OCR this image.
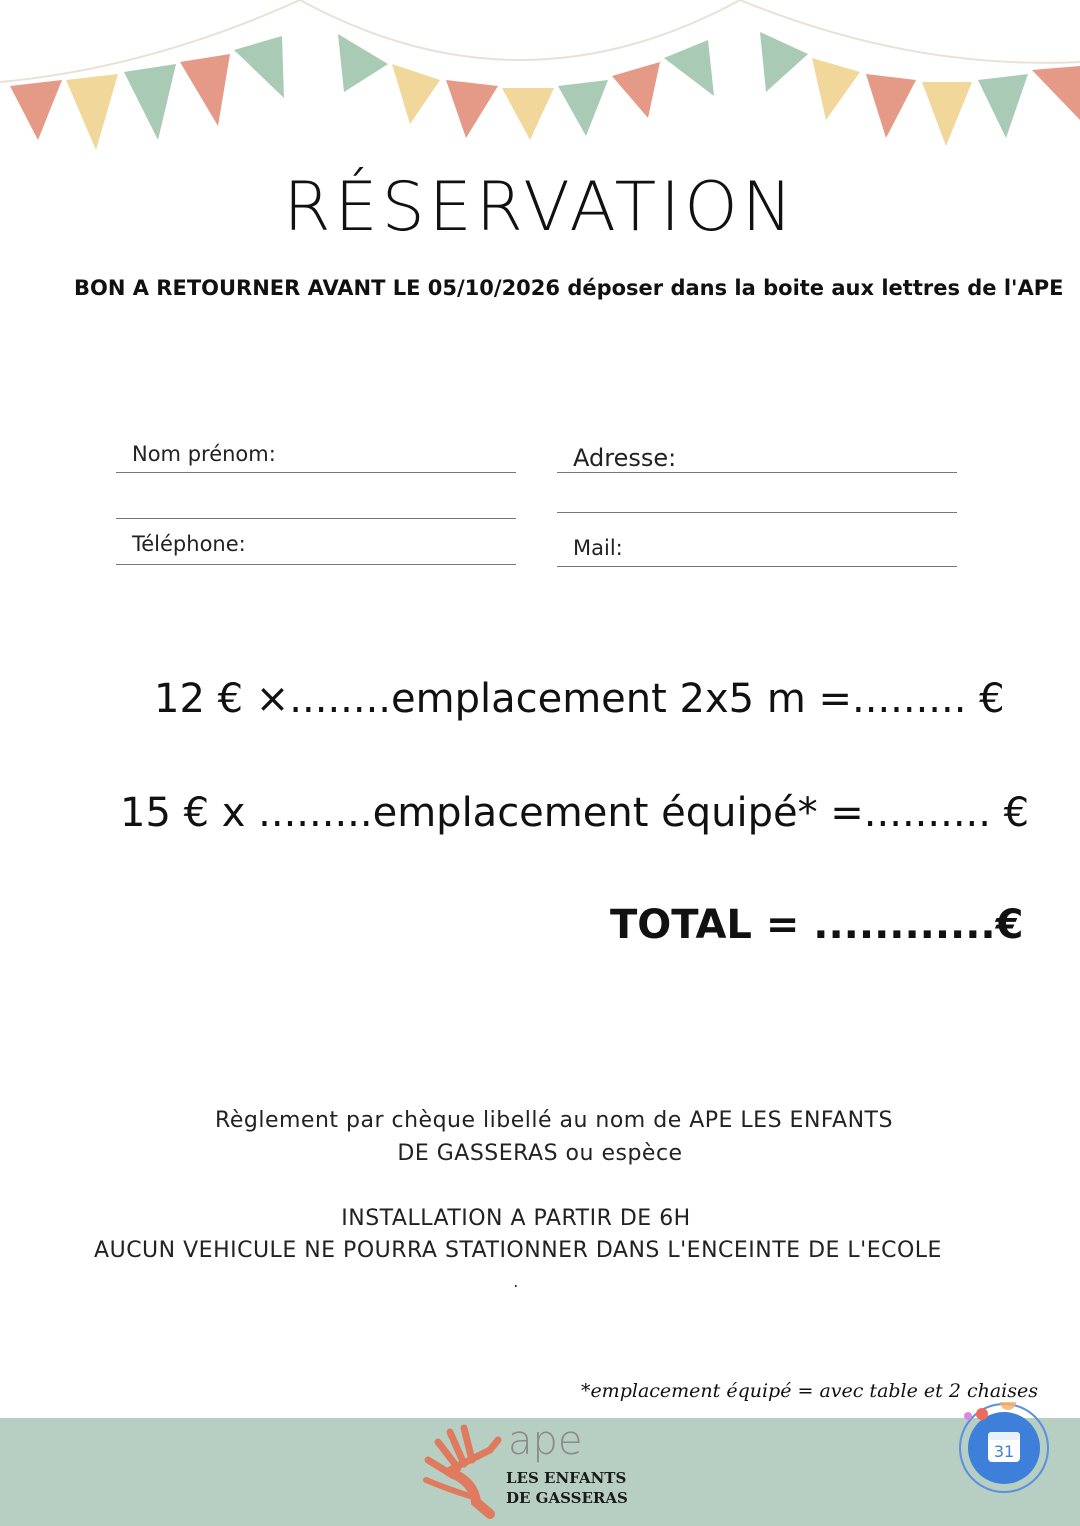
RÉSERVATION
BON A RETOURNER AVANT LE 05/10/2026 déposer dans la boite aux lettres de l'APE
Nom prénom:	Adresse:
Téléphone:	Mail:
12 € ×........emplacement 2x5 m =......... €
15 € x .........emplacement équipé* =.......... €
TOTAL = ............€
Règlement par chèque libellé au nom de APE LES ENFANTS
DE GASSERAS ou espèce
INSTALLATION A PARTIR DE 6H
AUCUN VEHICULE NE POURRA STATIONNER DANS L'ENCEINTE DE L'ECOLE
.
*emplacement équipé = avec table et 2 chaises
ape
LES ENFANTS
DE GASSERAS
31
